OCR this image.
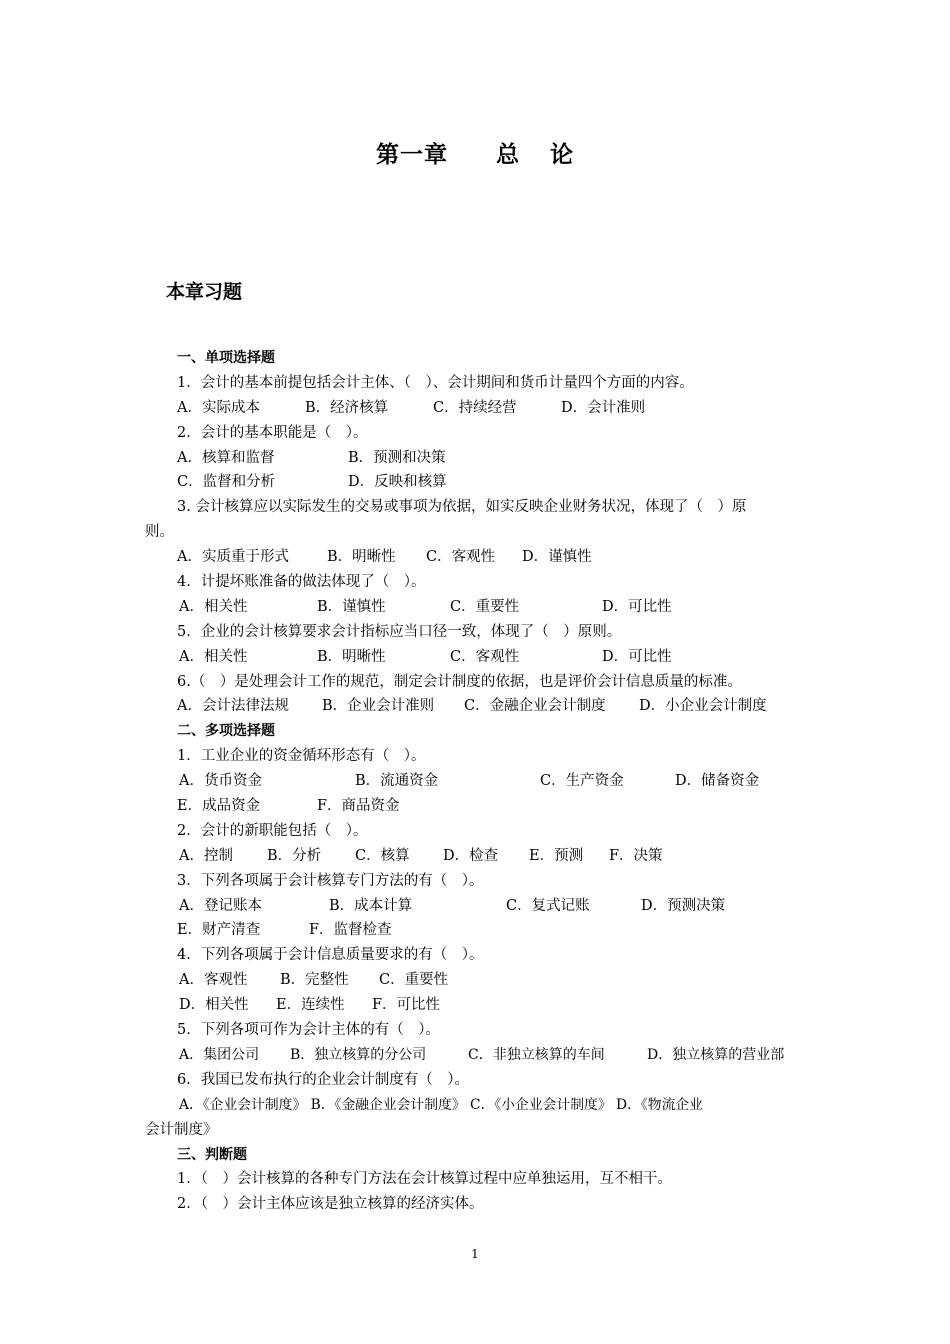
第一章 总 论
本章习题
一、单项选择题
1．会计的基本前提包括会计主体、（　）、会计期间和货币计量四个方面的内容。
A．实际成本	B．经济核算	C．持续经营	D．会计准则
2．会计的基本职能是（　）。
A．核算和监督	B．预测和决策
C．监督和分析	D．反映和核算
3. 会计核算应以实际发生的交易或事项为依据，如实反映企业财务状况，体现了（　）原
则。
A．实质重于形式	B．明晰性	C．客观性	D．谨慎性
4．计提坏账准备的做法体现了（　）。
A．相关性	B．谨慎性	C．重要性	D．可比性
5．企业的会计核算要求会计指标应当口径一致，体现了（　）原则。
A．相关性	B．明晰性	C．客观性	D．可比性
6.（　）是处理会计工作的规范，制定会计制度的依据，也是评价会计信息质量的标准。
A．会计法律法规	B．企业会计准则	C．金融企业会计制度	D．小企业会计制度
二、多项选择题
1．工业企业的资金循环形态有（　）。
A．货币资金	B．流通资金	C．生产资金	D．储备资金
E．成品资金	F．商品资金
2．会计的新职能包括（　）。
A．控制	B．分析	C．核算	D．检查	E．预测	F．决策
3．下列各项属于会计核算专门方法的有（　）。
A．登记账本	B．成本计算	C．复式记账	D．预测决策
E．财产清查	F．监督检查
4．下列各项属于会计信息质量要求的有（　）。
A．客观性	B．完整性	C．重要性
D．相关性	E．连续性	F．可比性
5．下列各项可作为会计主体的有（　）。
A．集团公司	B．独立核算的分公司	C．非独立核算的车间	D．独立核算的营业部
6．我国已发布执行的企业会计制度有（　）。
A．《企业会计制度》 B．《金融企业会计制度》 C．《小企业会计制度》 D．《物流企业
会计制度》
三、判断题
1．（　）会计核算的各种专门方法在会计核算过程中应单独运用，互不相干。
2．（　）会计主体应该是独立核算的经济实体。
1
